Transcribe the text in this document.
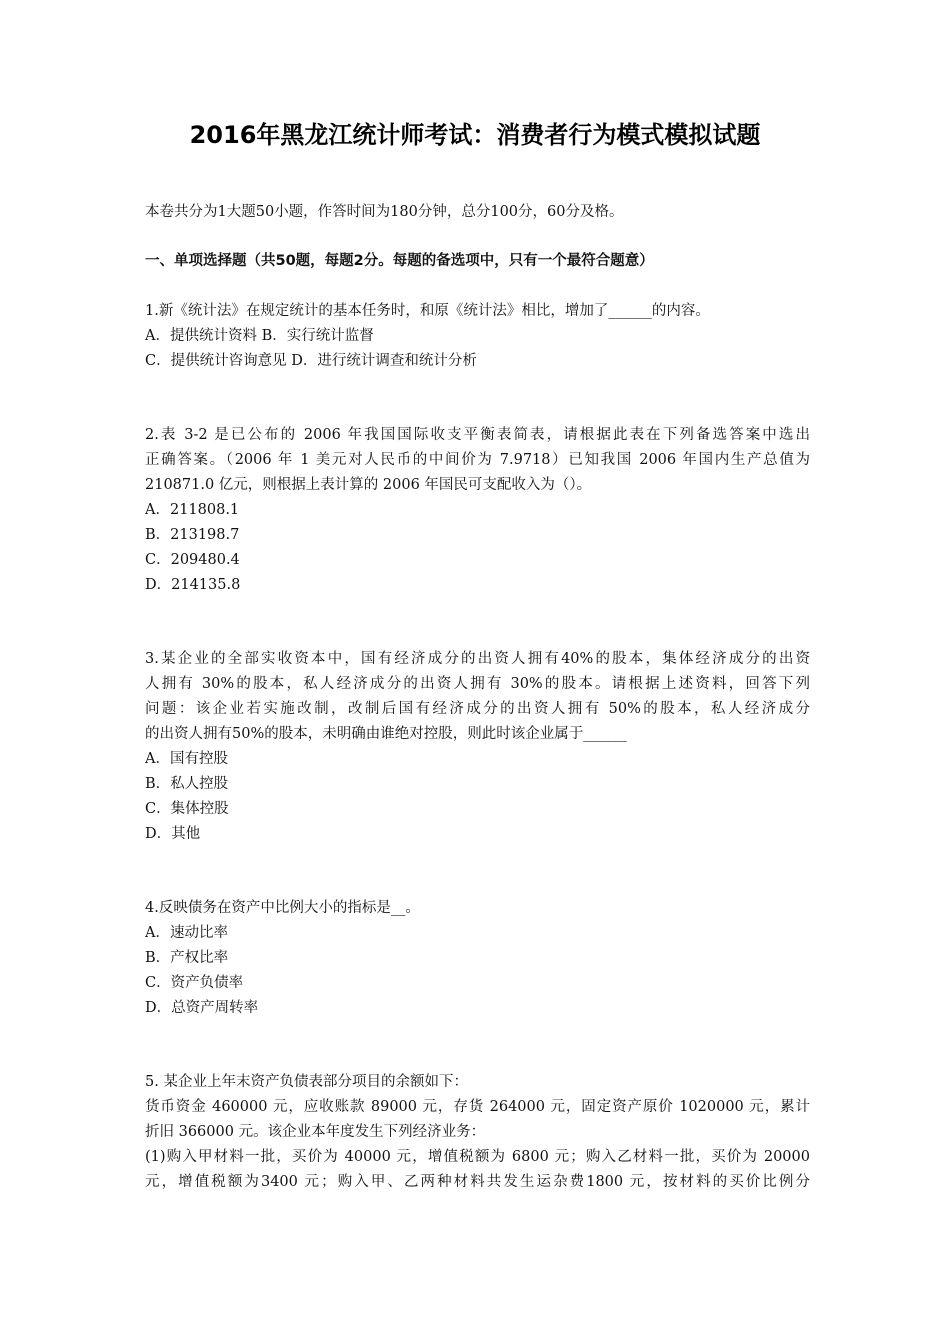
2016年黑龙江统计师考试：消费者行为模式模拟试题
本卷共分为1大题50小题，作答时间为180分钟，总分100分，60分及格。
一、单项选择题（共50题，每题2分。每题的备选项中，只有一个最符合题意）
1.新《统计法》在规定统计的基本任务时，和原《统计法》相比，增加了______的内容。
A．提供统计资料 B．实行统计监督
C．提供统计咨询意见 D．进行统计调查和统计分析
2.表 3-2 是已公布的 2006 年我国国际收支平衡表简表，请根据此表在下列备选答案中选出
正确答案。（2006 年 1 美元对人民币的中间价为 7.9718）已知我国 2006 年国内生产总值为
210871.0 亿元，则根据上表计算的 2006 年国民可支配收入为（）。
A．211808.1
B．213198.7
C．209480.4
D．214135.8
3.某企业的全部实收资本中，国有经济成分的出资人拥有40%的股本，集体经济成分的出资
人拥有 30%的股本，私人经济成分的出资人拥有 30%的股本。请根据上述资料，回答下列
问题：该企业若实施改制，改制后国有经济成分的出资人拥有 50%的股本，私人经济成分
的出资人拥有50%的股本，未明确由谁绝对控股，则此时该企业属于______
A．国有控股
B．私人控股
C．集体控股
D．其他
4.反映债务在资产中比例大小的指标是__。
A．速动比率
B．产权比率
C．资产负债率
D．总资产周转率
5. 某企业上年末资产负债表部分项目的余额如下：
货币资金 460000 元，应收账款 89000 元，存货 264000 元，固定资产原价 1020000 元，累计
折旧 366000 元。该企业本年度发生下列经济业务：
(1)购入甲材料一批，买价为 40000 元，增值税额为 6800 元；购入乙材料一批，买价为 20000
元，增值税额为3400 元；购入甲、乙两种材料共发生运杂费1800 元，按材料的买价比例分
